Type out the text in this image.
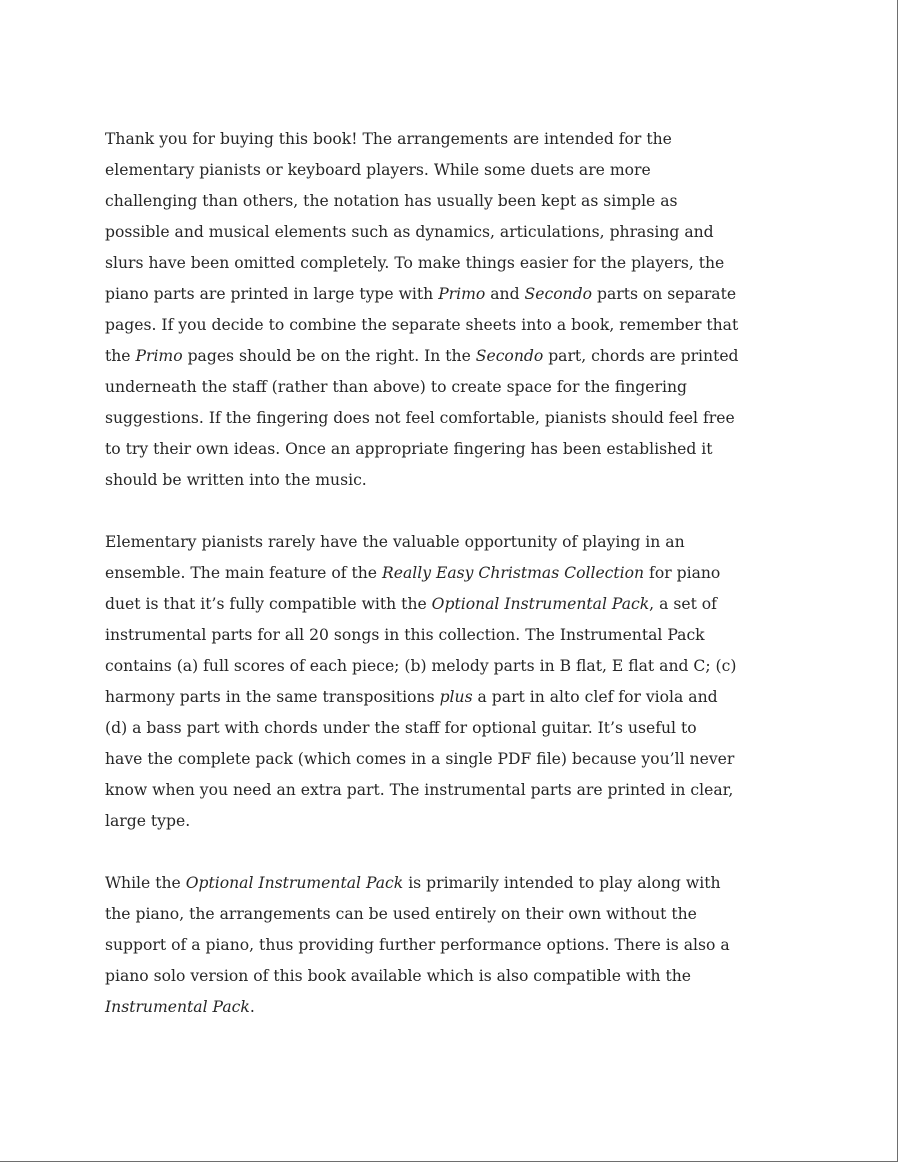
Thank you for buying this book! The arrangements are intended for the
elementary pianists or keyboard players. While some duets are more
challenging than others, the notation has usually been kept as simple as
possible and musical elements such as dynamics, articulations, phrasing and
slurs have been omitted completely. To make things easier for the players, the
piano parts are printed in large type with Primo and Secondo parts on separate
pages. If you decide to combine the separate sheets into a book, remember that
the Primo pages should be on the right. In the Secondo part, chords are printed
underneath the staff (rather than above) to create space for the fingering
suggestions. If the fingering does not feel comfortable, pianists should feel free
to try their own ideas. Once an appropriate fingering has been established it
should be written into the music.

Elementary pianists rarely have the valuable opportunity of playing in an
ensemble. The main feature of the Really Easy Christmas Collection for piano
duet is that it’s fully compatible with the Optional Instrumental Pack, a set of
instrumental parts for all 20 songs in this collection. The Instrumental Pack
contains (a) full scores of each piece; (b) melody parts in B flat, E flat and C; (c)
harmony parts in the same transpositions plus a part in alto clef for viola and
(d) a bass part with chords under the staff for optional guitar. It’s useful to
have the complete pack (which comes in a single PDF file) because you’ll never
know when you need an extra part. The instrumental parts are printed in clear,
large type.

While the Optional Instrumental Pack is primarily intended to play along with
the piano, the arrangements can be used entirely on their own without the
support of a piano, thus providing further performance options. There is also a
piano solo version of this book available which is also compatible with the
Instrumental Pack.
